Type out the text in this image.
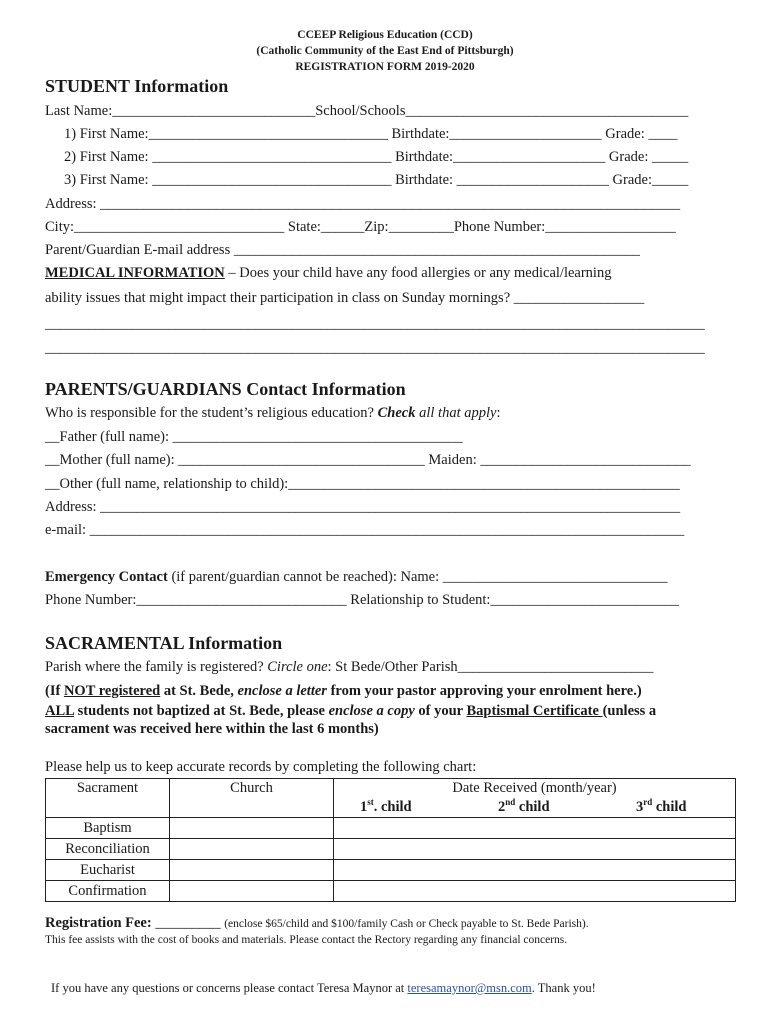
CCEEP Religious Education (CCD)
(Catholic Community of the East End of Pittsburgh)
REGISTRATION FORM 2019-2020
STUDENT Information
Last Name:____________________________School/Schools_______________________________________
1) First Name:_________________________________ Birthdate:_____________________ Grade: ____
2) First Name: _________________________________ Birthdate:_____________________ Grade: _____
3) First Name: _________________________________ Birthdate: _____________________ Grade:_____
Address: ________________________________________________________________________________
City:_____________________________ State:______Zip:_________Phone Number:__________________
Parent/Guardian E-mail address ________________________________________________________
MEDICAL INFORMATION – Does your child have any food allergies or any medical/learning
ability issues that might impact their participation in class on Sunday mornings? __________________
___________________________________________________________________________________________
___________________________________________________________________________________________
PARENTS/GUARDIANS Contact Information
Who is responsible for the student’s religious education? Check all that apply:
__Father (full name): ________________________________________
__Mother (full name): __________________________________ Maiden: _____________________________
__Other (full name, relationship to child):______________________________________________________
Address: ________________________________________________________________________________
e-mail: __________________________________________________________________________________
Emergency Contact (if parent/guardian cannot be reached): Name: _______________________________
Phone Number:_____________________________ Relationship to Student:__________________________
SACRAMENTAL Information
Parish where the family is registered? Circle one: St Bede/Other Parish___________________________
(If NOT registered at St. Bede, enclose a letter from your pastor approving your enrolment here.)
ALL students not baptized at St. Bede, please enclose a copy of your Baptismal Certificate (unless a
sacrament was received here within the last 6 months)
Please help us to keep accurate records by completing the following chart:
Sacrament	Church	Date Received (month/year)

		1st. child 2nd child 3rd child

Baptism		

Reconciliation		

Eucharist		

Confirmation		

Registration Fee: _________ (enclose $65/child and $100/family Cash or Check payable to St. Bede Parish).
This fee assists with the cost of books and materials. Please contact the Rectory regarding any financial concerns.
If you have any questions or concerns please contact Teresa Maynor at teresamaynor@msn.com. Thank you!
